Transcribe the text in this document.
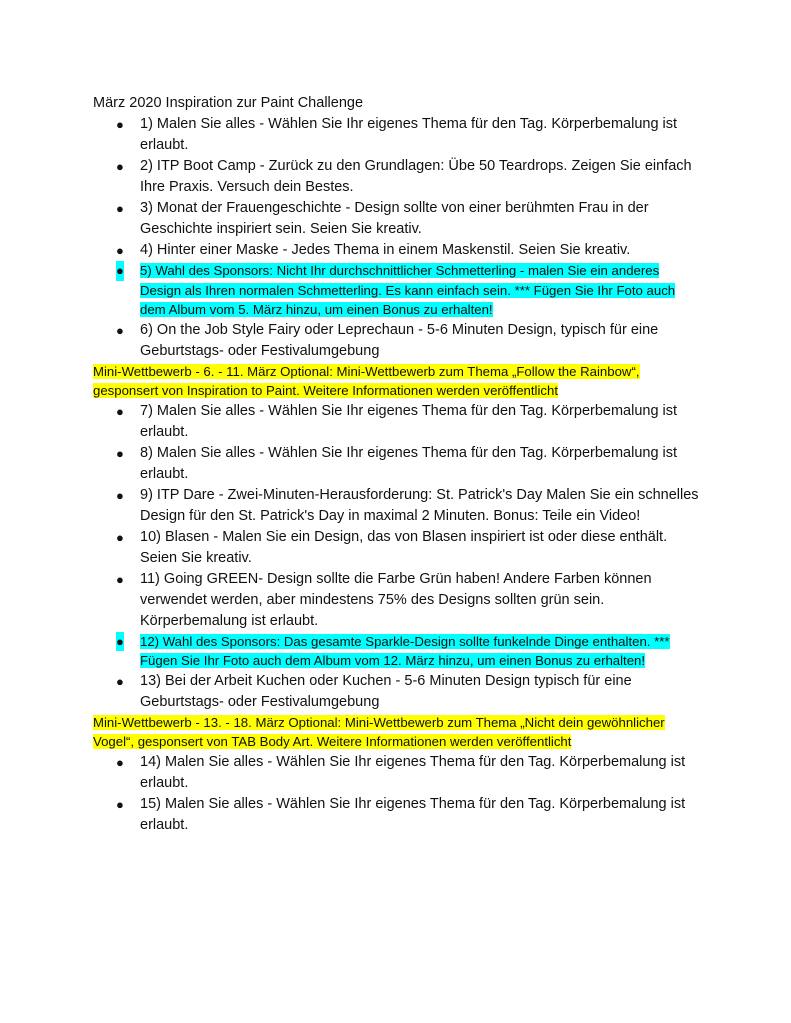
März 2020 Inspiration zur Paint Challenge
● 1) Malen Sie alles - Wählen Sie Ihr eigenes Thema für den Tag. Körperbemalung ist erlaubt.
● 2) ITP Boot Camp - Zurück zu den Grundlagen: Übe 50 Teardrops. Zeigen Sie einfach Ihre Praxis. Versuch dein Bestes.
● 3) Monat der Frauengeschichte - Design sollte von einer berühmten Frau in der Geschichte inspiriert sein. Seien Sie kreativ.
● 4) Hinter einer Maske - Jedes Thema in einem Maskenstil. Seien Sie kreativ.
● 5) Wahl des Sponsors: Nicht Ihr durchschnittlicher Schmetterling - malen Sie ein anderes Design als Ihren normalen Schmetterling. Es kann einfach sein. *** Fügen Sie Ihr Foto auch dem Album vom 5. März hinzu, um einen Bonus zu erhalten!
● 6) On the Job Style Fairy oder Leprechaun - 5-6 Minuten Design, typisch für eine Geburtstags- oder Festivalumgebung
Mini-Wettbewerb - 6. - 11. März Optional: Mini-Wettbewerb zum Thema „Follow the Rainbow“, gesponsert von Inspiration to Paint. Weitere Informationen werden veröffentlicht
● 7) Malen Sie alles - Wählen Sie Ihr eigenes Thema für den Tag. Körperbemalung ist erlaubt.
● 8) Malen Sie alles - Wählen Sie Ihr eigenes Thema für den Tag. Körperbemalung ist erlaubt.
● 9) ITP Dare - Zwei-Minuten-Herausforderung: St. Patrick's Day Malen Sie ein schnelles Design für den St. Patrick's Day in maximal 2 Minuten. Bonus: Teile ein Video!
● 10) Blasen - Malen Sie ein Design, das von Blasen inspiriert ist oder diese enthält. Seien Sie kreativ.
● 11) Going GREEN- Design sollte die Farbe Grün haben! Andere Farben können verwendet werden, aber mindestens 75% des Designs sollten grün sein. Körperbemalung ist erlaubt.
● 12) Wahl des Sponsors: Das gesamte Sparkle-Design sollte funkelnde Dinge enthalten. *** Fügen Sie Ihr Foto auch dem Album vom 12. März hinzu, um einen Bonus zu erhalten!
● 13) Bei der Arbeit Kuchen oder Kuchen - 5-6 Minuten Design typisch für eine Geburtstags- oder Festivalumgebung
Mini-Wettbewerb - 13. - 18. März Optional: Mini-Wettbewerb zum Thema „Nicht dein gewöhnlicher Vogel“, gesponsert von TAB Body Art. Weitere Informationen werden veröffentlicht
● 14) Malen Sie alles - Wählen Sie Ihr eigenes Thema für den Tag. Körperbemalung ist erlaubt.
● 15) Malen Sie alles - Wählen Sie Ihr eigenes Thema für den Tag. Körperbemalung ist erlaubt.
